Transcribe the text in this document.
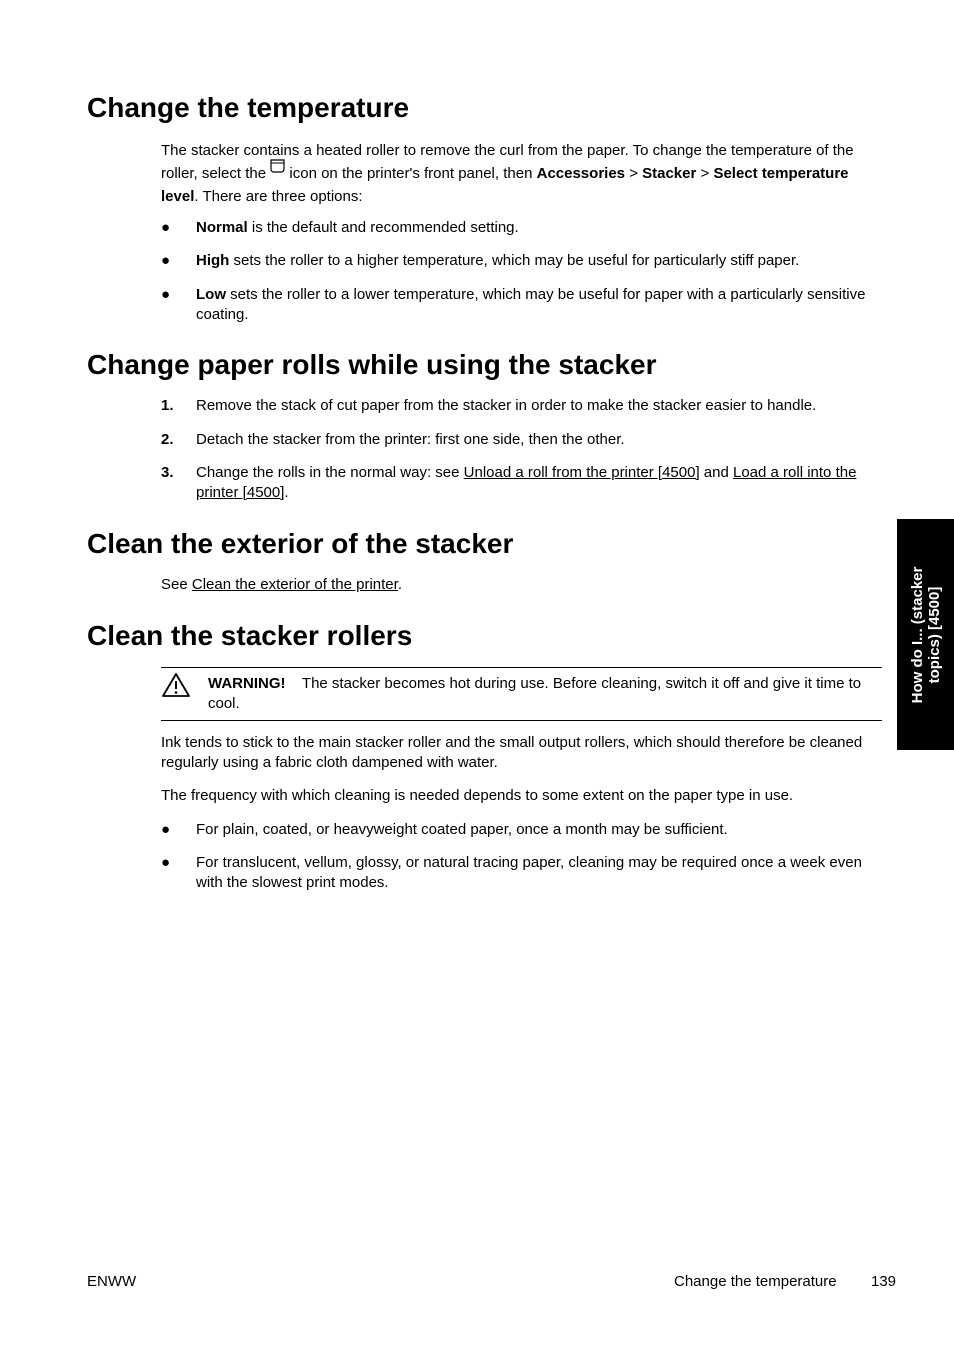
Change the temperature

The stacker contains a heated roller to remove the curl from the paper. To change the temperature of the roller, select the icon on the printer's front panel, then Accessories > Stacker > Select temperature level. There are three options:

●	Normal is the default and recommended setting.
●	High sets the roller to a higher temperature, which may be useful for particularly stiff paper.
●	Low sets the roller to a lower temperature, which may be useful for paper with a particularly sensitive coating.
Change paper rolls while using the stacker
1.	Remove the stack of cut paper from the stacker in order to make the stacker easier to handle.
2.	Detach the stacker from the printer: first one side, then the other.
3.	Change the rolls in the normal way: see Unload a roll from the printer [4500] and Load a roll into the printer [4500].
Clean the exterior of the stacker

See Clean the exterior of the printer.

Clean the stacker rollers
WARNING! The stacker becomes hot during use. Before cleaning, switch it off and give it time to cool.

Ink tends to stick to the main stacker roller and the small output rollers, which should therefore be cleaned regularly using a fabric cloth dampened with water.

The frequency with which cleaning is needed depends to some extent on the paper type in use.

●	For plain, coated, or heavyweight coated paper, once a month may be sufficient.
●	For translucent, vellum, glossy, or natural tracing paper, cleaning may be required once a week even with the slowest print modes.
How do I... (stacker
topics) [4500]
ENWW	Change the temperature 139
